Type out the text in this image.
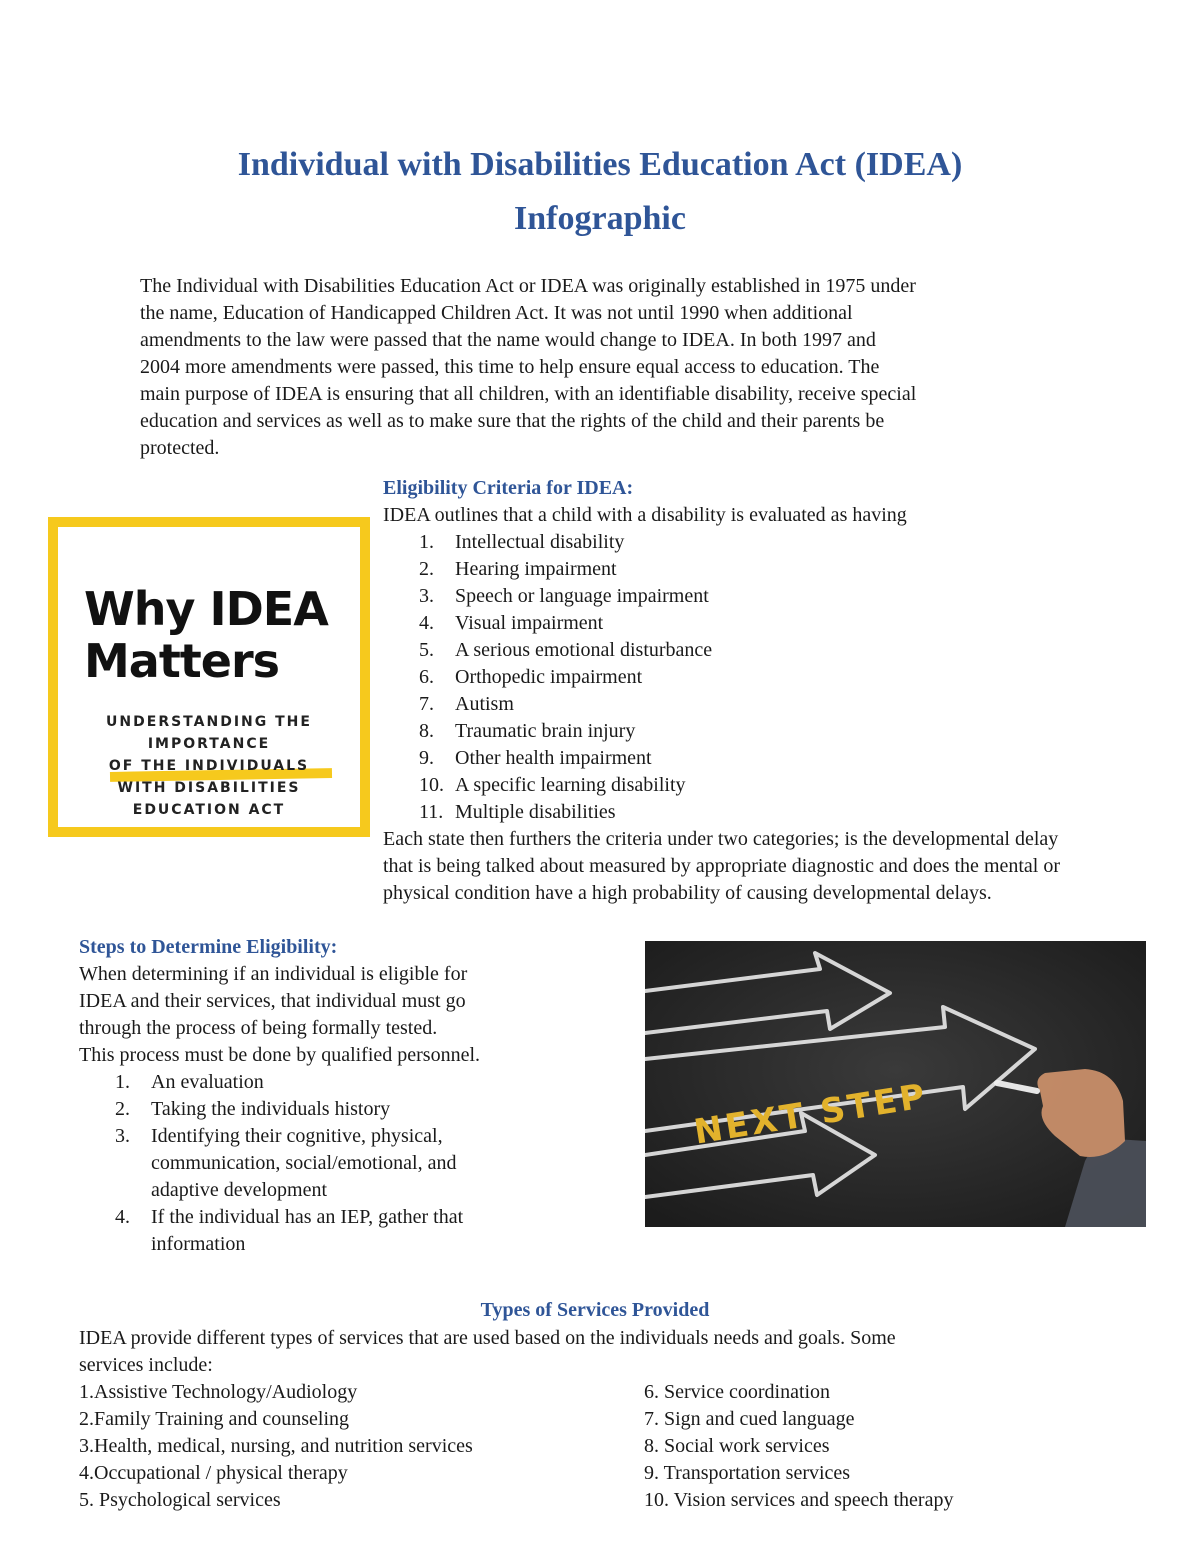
Individual with Disabilities Education Act (IDEA)
Infographic
The Individual with Disabilities Education Act or IDEA was originally established in 1975 under
the name, Education of Handicapped Children Act. It was not until 1990 when additional
amendments to the law were passed that the name would change to IDEA. In both 1997 and
2004 more amendments were passed, this time to help ensure equal access to education. The
main purpose of IDEA is ensuring that all children, with an identifiable disability, receive special
education and services as well as to make sure that the rights of the child and their parents be
protected.
Why IDEA
Matters
UNDERSTANDING THE
IMPORTANCE
OF THE INDIVIDUALS
WITH DISABILITIES
EDUCATION ACT
Eligibility Criteria for IDEA:
IDEA outlines that a child with a disability is evaluated as having
1. Intellectual disability
2. Hearing impairment
3. Speech or language impairment
4. Visual impairment
5. A serious emotional disturbance
6. Orthopedic impairment
7. Autism
8. Traumatic brain injury
9. Other health impairment
10. A specific learning disability
11. Multiple disabilities
Each state then furthers the criteria under two categories; is the developmental delay
that is being talked about measured by appropriate diagnostic and does the mental or
physical condition have a high probability of causing developmental delays.
Steps to Determine Eligibility:
When determining if an individual is eligible for
IDEA and their services, that individual must go
through the process of being formally tested.
This process must be done by qualified personnel.
1. An evaluation
2. Taking the individuals history
3. Identifying their cognitive, physical,
communication, social/emotional, and
adaptive development
4. If the individual has an IEP, gather that
information
NEXT STEP
Types of Services Provided
IDEA provide different types of services that are used based on the individuals needs and goals. Some
services include:
1.Assistive Technology/Audiology
2.Family Training and counseling
3.Health, medical, nursing, and nutrition services
4.Occupational / physical therapy
5. Psychological services
6. Service coordination
7. Sign and cued language
8. Social work services
9. Transportation services
10. Vision services and speech therapy
